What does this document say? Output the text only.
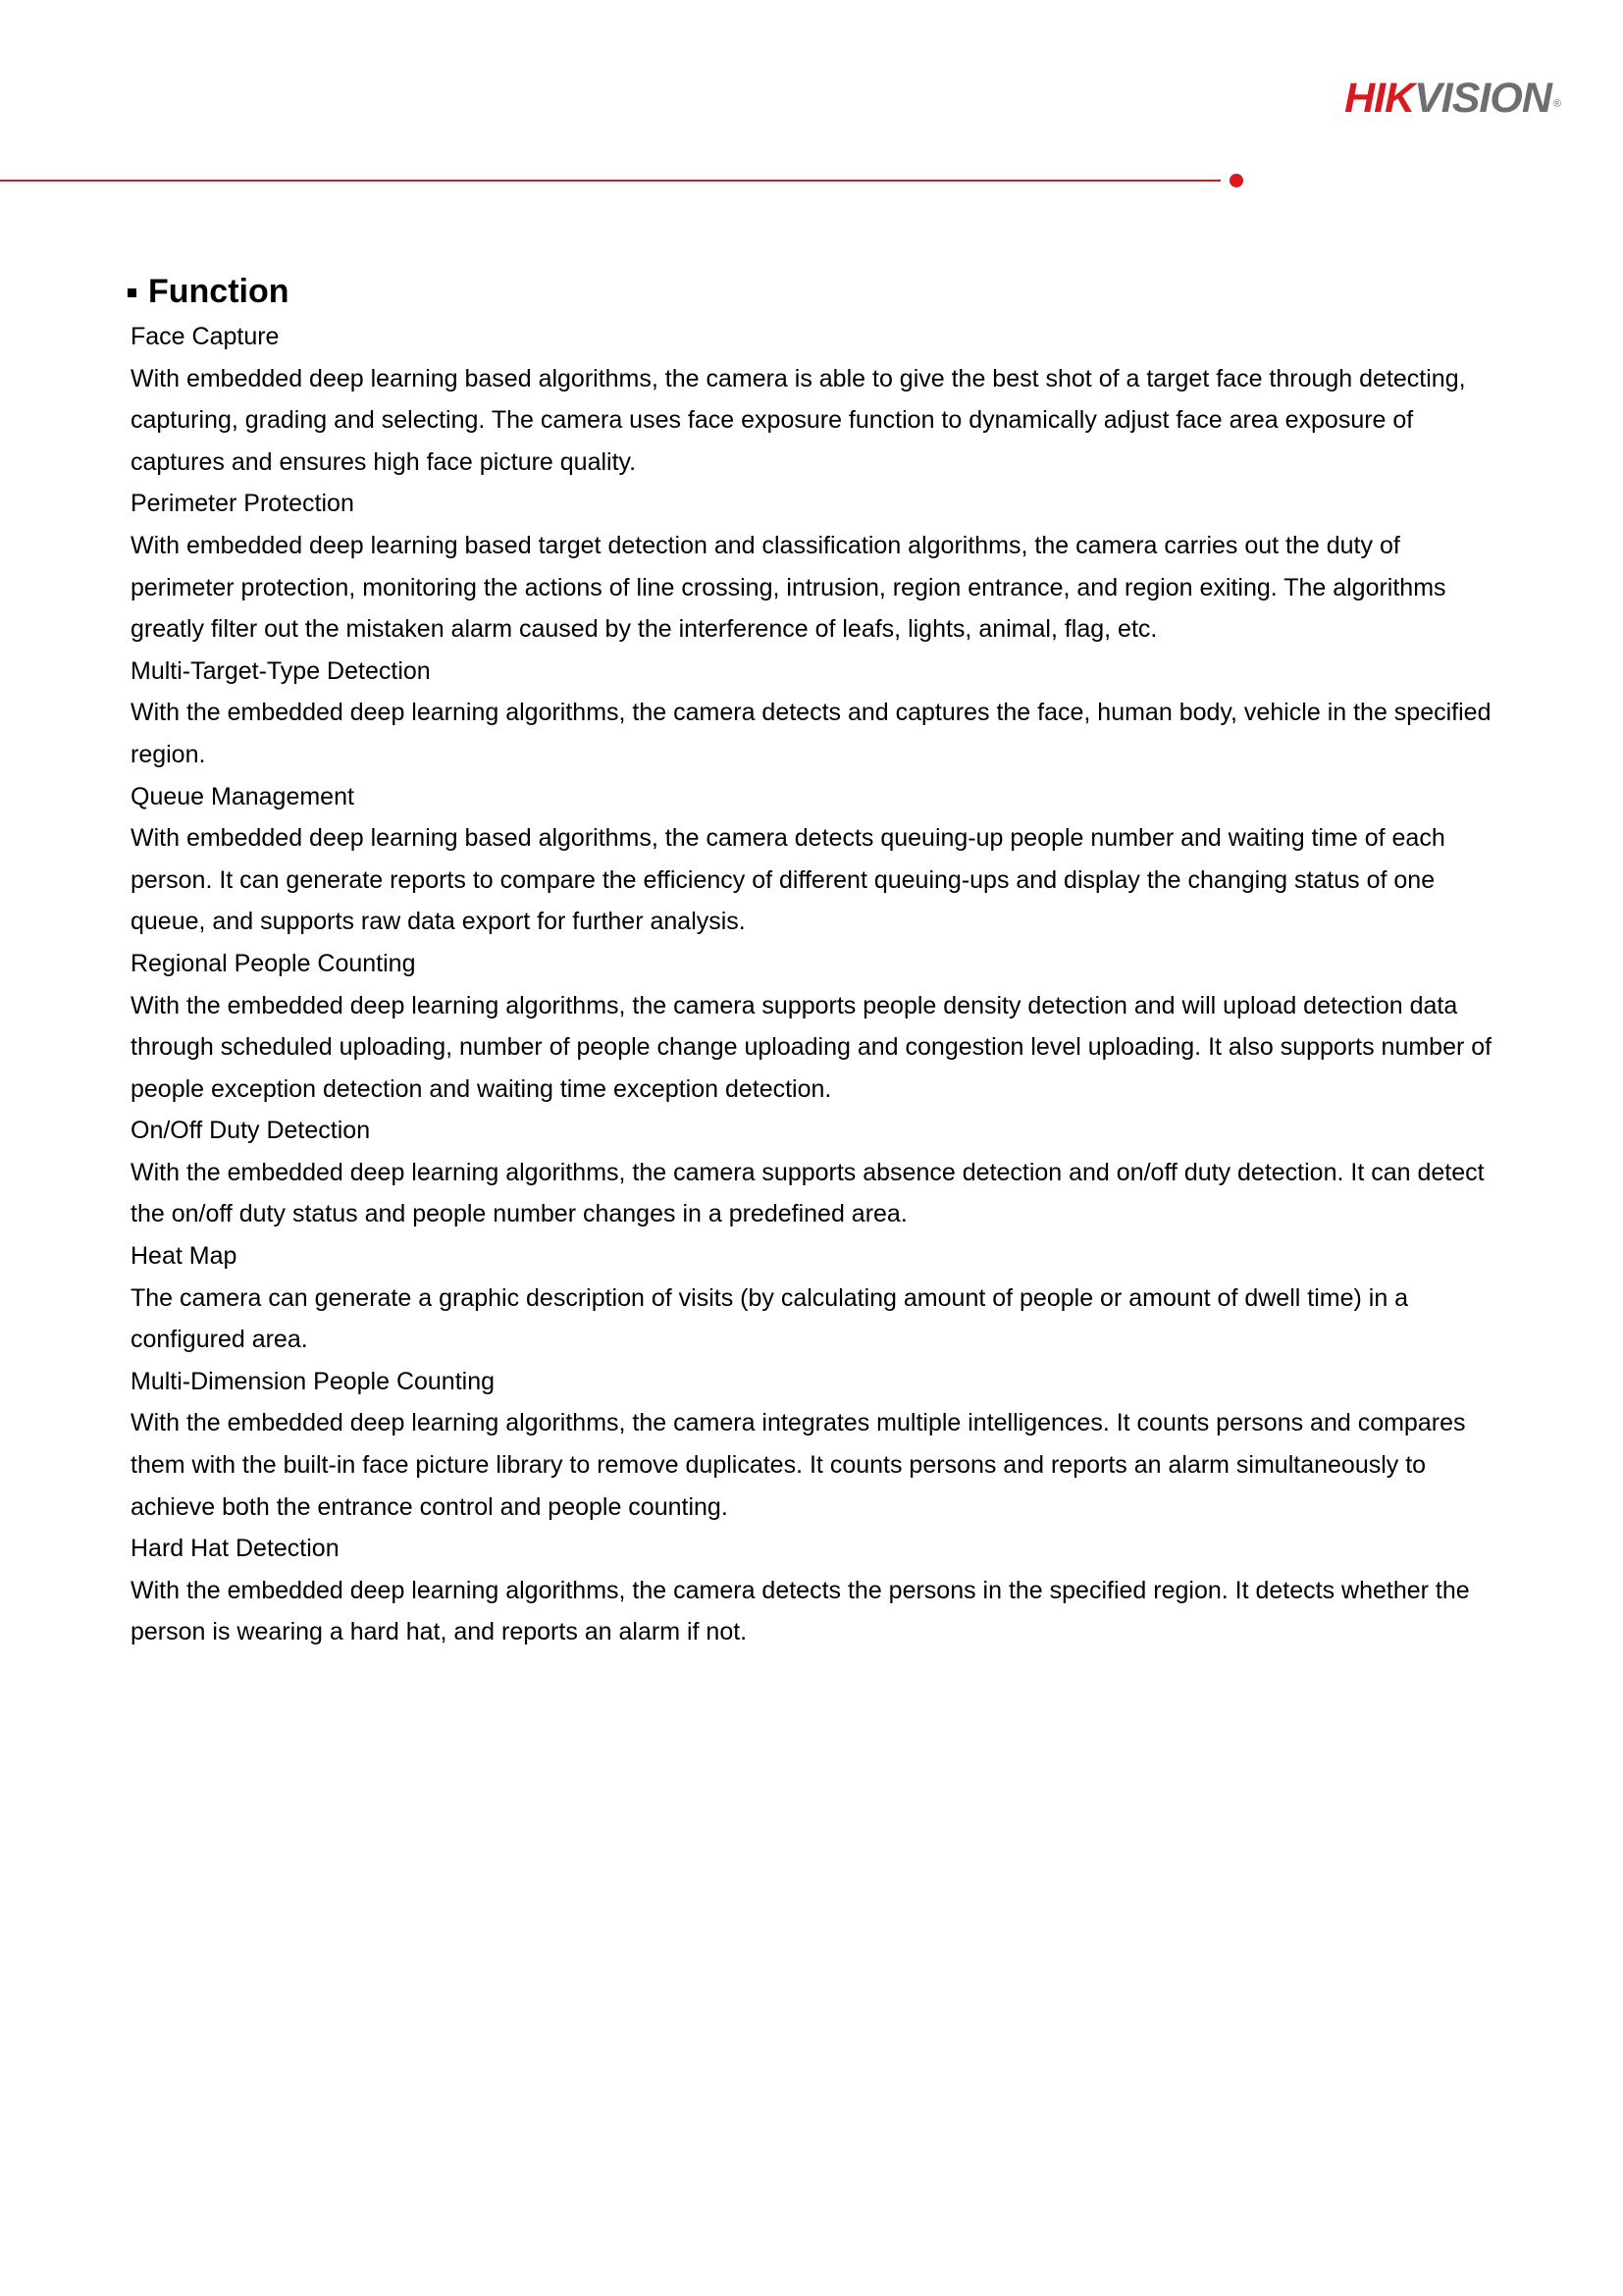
HIKVISION ®
Function

Face Capture

With embedded deep learning based algorithms, the camera is able to give the best shot of a target face through detecting, capturing, grading and selecting. The camera uses face exposure function to dynamically adjust face area exposure of captures and ensures high face picture quality.

Perimeter Protection

With embedded deep learning based target detection and classification algorithms, the camera carries out the duty of perimeter protection, monitoring the actions of line crossing, intrusion, region entrance, and region exiting. The algorithms greatly filter out the mistaken alarm caused by the interference of leafs, lights, animal, flag, etc.

Multi-Target-Type Detection

With the embedded deep learning algorithms, the camera detects and captures the face, human body, vehicle in the specified region.

Queue Management

With embedded deep learning based algorithms, the camera detects queuing-up people number and waiting time of each person. It can generate reports to compare the efficiency of different queuing-ups and display the changing status of one queue, and supports raw data export for further analysis.

Regional People Counting

With the embedded deep learning algorithms, the camera supports people density detection and will upload detection data through scheduled uploading, number of people change uploading and congestion level uploading. It also supports number of people exception detection and waiting time exception detection.

On/Off Duty Detection

With the embedded deep learning algorithms, the camera supports absence detection and on/off duty detection. It can detect the on/off duty status and people number changes in a predefined area.

Heat Map

The camera can generate a graphic description of visits (by calculating amount of people or amount of dwell time) in a configured area.

Multi-Dimension People Counting

With the embedded deep learning algorithms, the camera integrates multiple intelligences. It counts persons and compares them with the built-in face picture library to remove duplicates. It counts persons and reports an alarm simultaneously to achieve both the entrance control and people counting.

Hard Hat Detection

With the embedded deep learning algorithms, the camera detects the persons in the specified region. It detects whether the person is wearing a hard hat, and reports an alarm if not.
